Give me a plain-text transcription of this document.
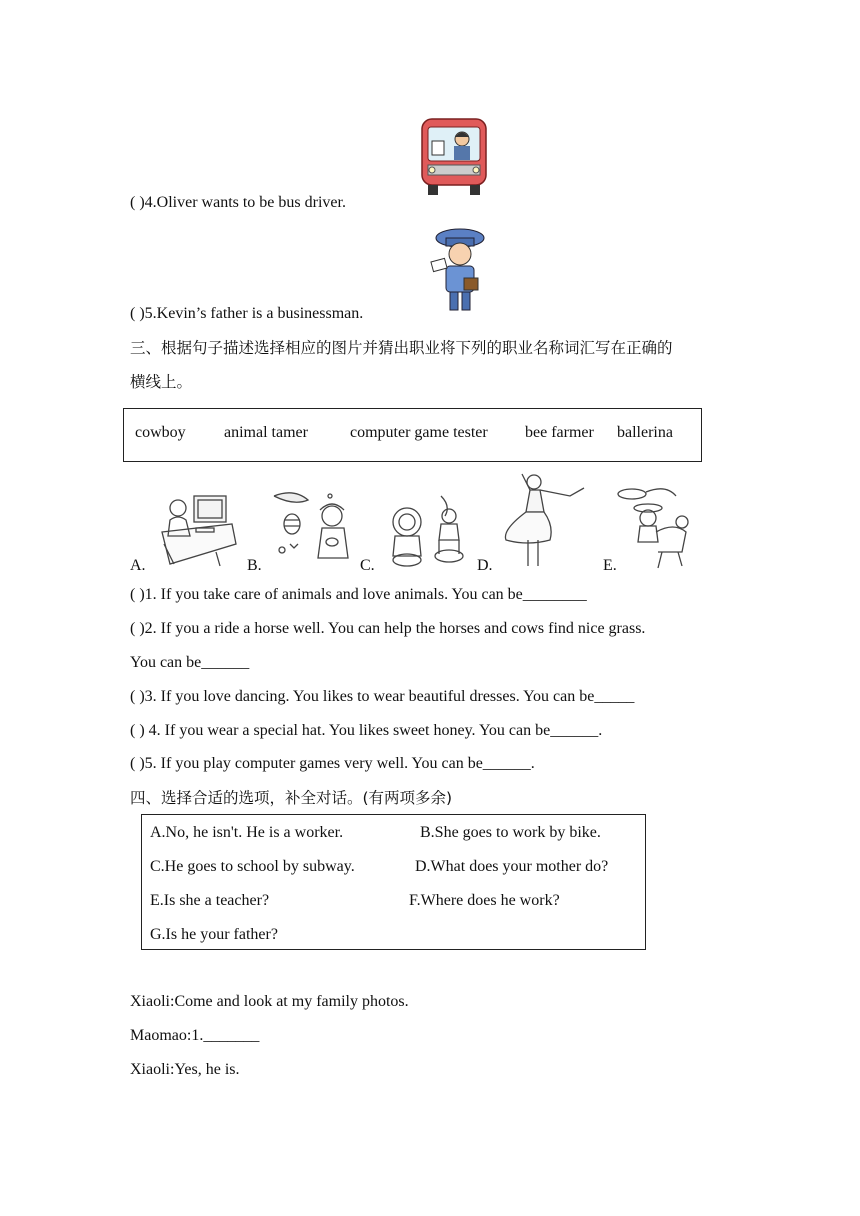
( )4.Oliver wants to be bus driver.
( )5.Kevin’s father is a businessman.
三、根据句子描述选择相应的图片并猜出职业将下列的职业名称词汇写在正确的
横线上。
cowboy animal tamer	computer game tester bee farmer ballerina
A.	B.	C.	D.	E.
( )1. If you take care of animals and love animals. You can be________
( )2. If you a ride a horse well. You can help the horses and cows find nice grass.
You can be______
( )3. If you love dancing. You likes to wear beautiful dresses. You can be_____
( ) 4. If you wear a special hat. You likes sweet honey. You can be______.
( )5. If you play computer games very well. You can be______.
四、选择合适的选项，补全对话。(有两项多余)
A.No, he isn't. He is a worker.	B.She goes to work by bike.
C.He goes to school by subway.	D.What does your mother do?
E.Is she a teacher?	F.Where does he work?
G.Is he your father?
Xiaoli:Come and look at my family photos.
Maomao:1._______
Xiaoli:Yes, he is.
